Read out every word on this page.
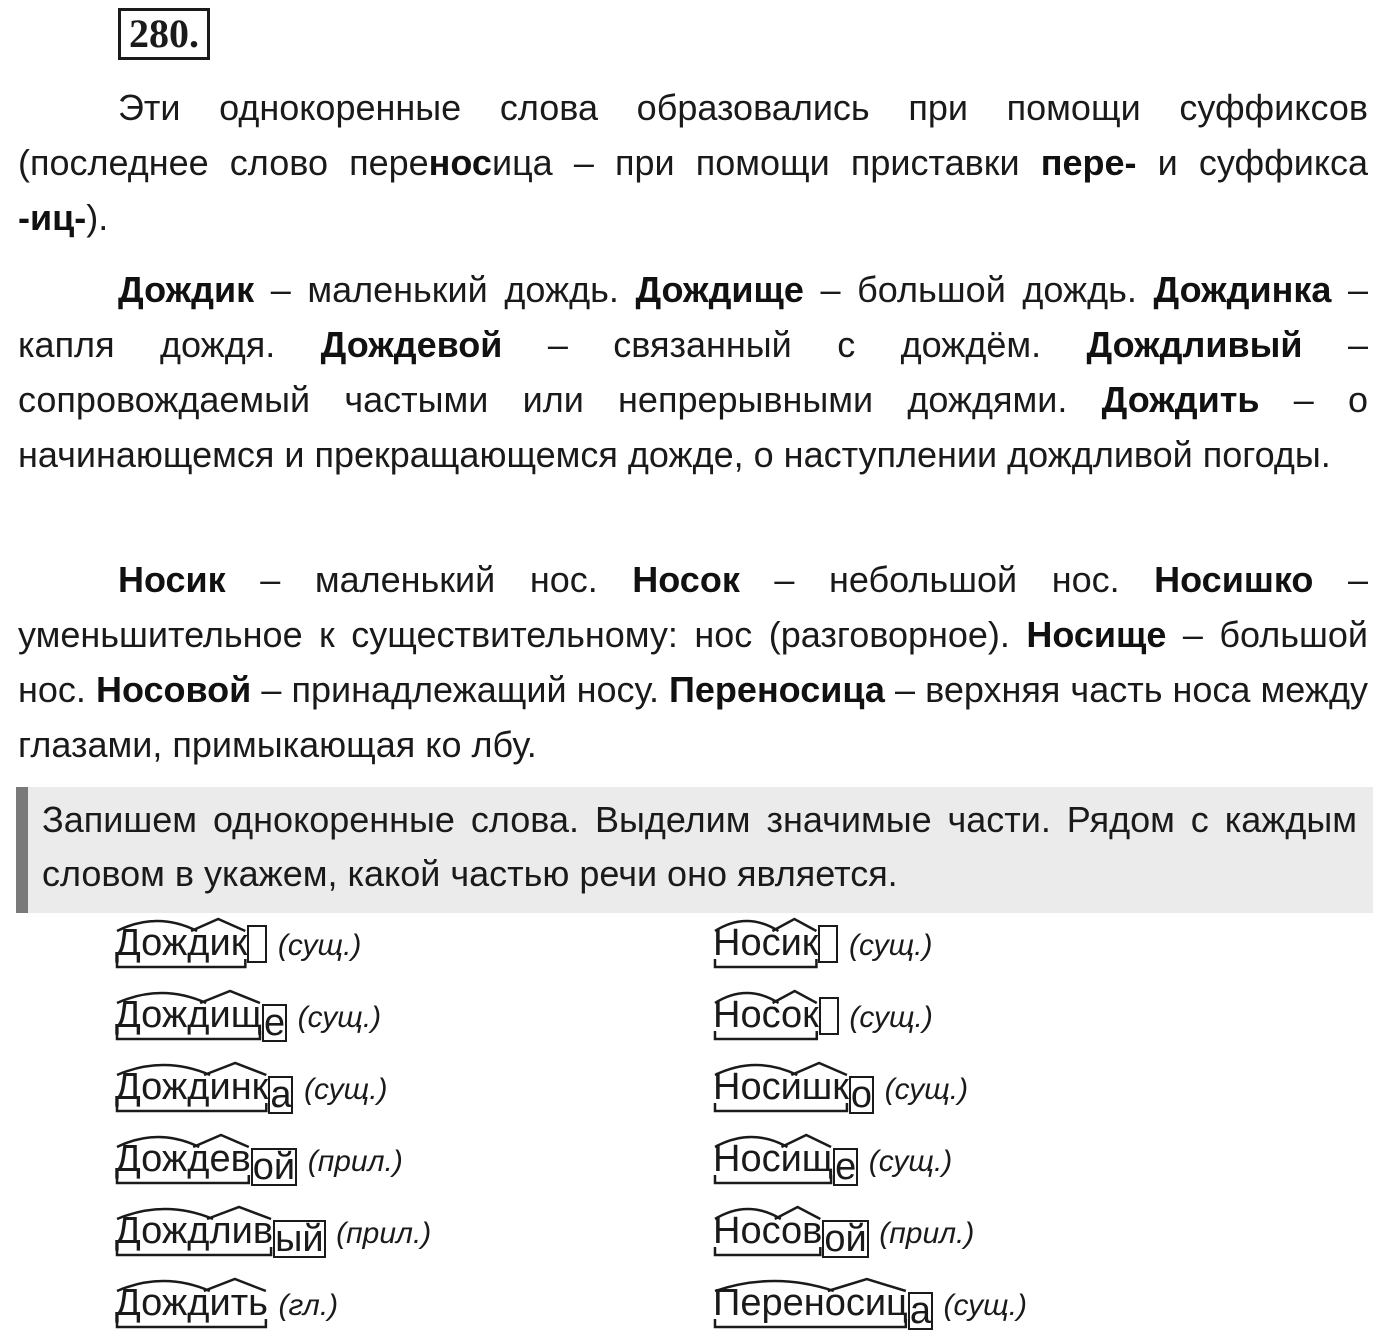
280.

Эти однокоренные слова образовались при помощи суффиксов (последнее слово переносица – при помощи приставки пере- и суффикса -иц-).

Дождик – маленький дождь. Дождище – большой дождь. Дождинка – капля дождя. Дождевой – связанный с дождём. Дождливый – сопровождаемый частыми или непрерывными дождями. Дождить – о начинающемся и прекращающемся дожде, о наступлении дождливой погоды.

Носик – маленький нос. Носок – небольшой нос. Носишко – уменьшительное к существительному: нос (разговорное). Носище – большой нос. Носовой – принадлежащий носу. Переносица – верхняя часть носа между глазами, примыкающая ко лбу.

Запишем однокоренные слова. Выделим значимые части. Рядом с каждым словом в укажем, какой частью речи оно является.
Дождик (сущ.)
Дождище (сущ.)
Дождинка (сущ.)
Дождевой (прил.)
Дождливый (прил.)
Дождить (гл.)
Носик (сущ.)
Носок (сущ.)
Носишко (сущ.)
Носище (сущ.)
Носовой (прил.)
Переносица (сущ.)
